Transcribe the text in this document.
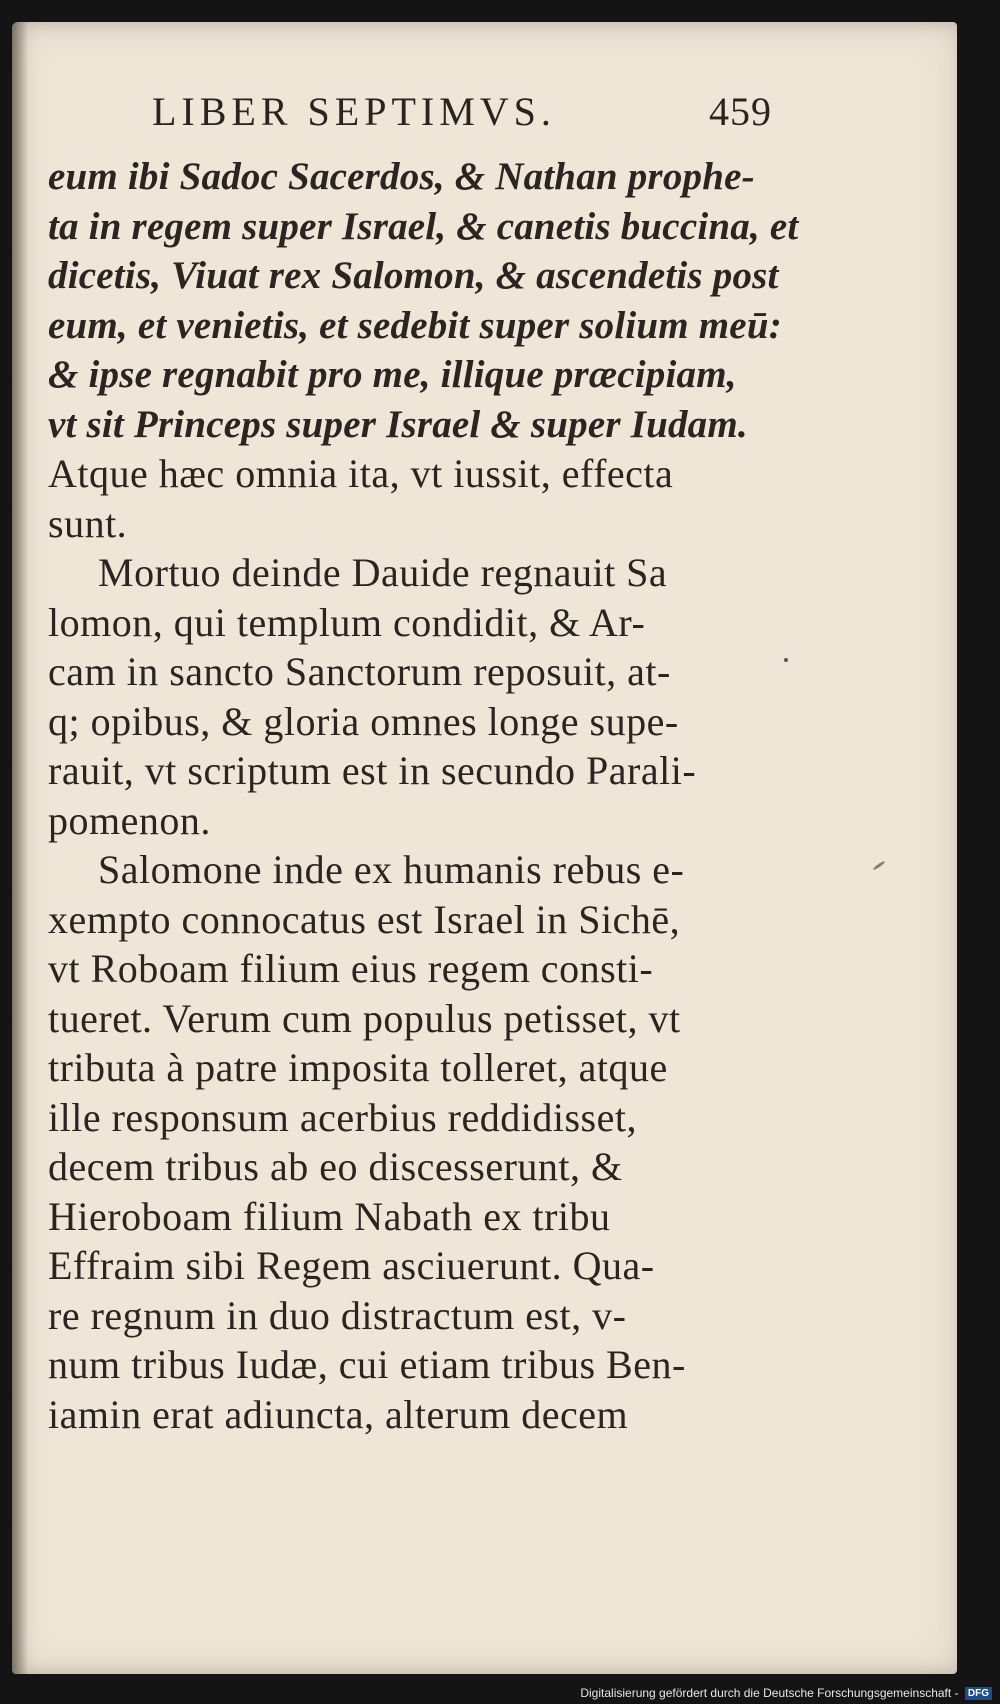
LIBER SEPTIMVS.	459
eum ibi Sadoc Sacerdos, & Nathan prophe-
ta in regem super Israel, & canetis buccina, et
dicetis, Viuat rex Salomon, & ascendetis post
eum, et venietis, et sedebit super solium meū:
& ipse regnabit pro me, illique præcipiam,
vt sit Princeps super Israel & super Iudam.
Atque hæc omnia ita, vt iussit, effecta
sunt.
Mortuo deinde Dauide regnauit Sa
lomon, qui templum condidit, & Ar-
cam in sancto Sanctorum reposuit, at-
q; opibus, & gloria omnes longe supe-
rauit, vt scriptum est in secundo Parali-
pomenon.
Salomone inde ex humanis rebus e-
xempto connocatus est Israel in Sichē,
vt Roboam filium eius regem consti-
tueret. Verum cum populus petisset, vt
tributa à patre imposita tolleret, atque
ille responsum acerbius reddidisset,
decem tribus ab eo discesserunt, &
Hieroboam filium Nabath ex tribu
Effraim sibi Regem asciuerunt. Qua-
re regnum in duo distractum est, v-
num tribus Iudæ, cui etiam tribus Ben-
iamin erat adiuncta, alterum decem
Digitalisierung gefördert durch die Deutsche Forschungsgemeinschaft - DFG
